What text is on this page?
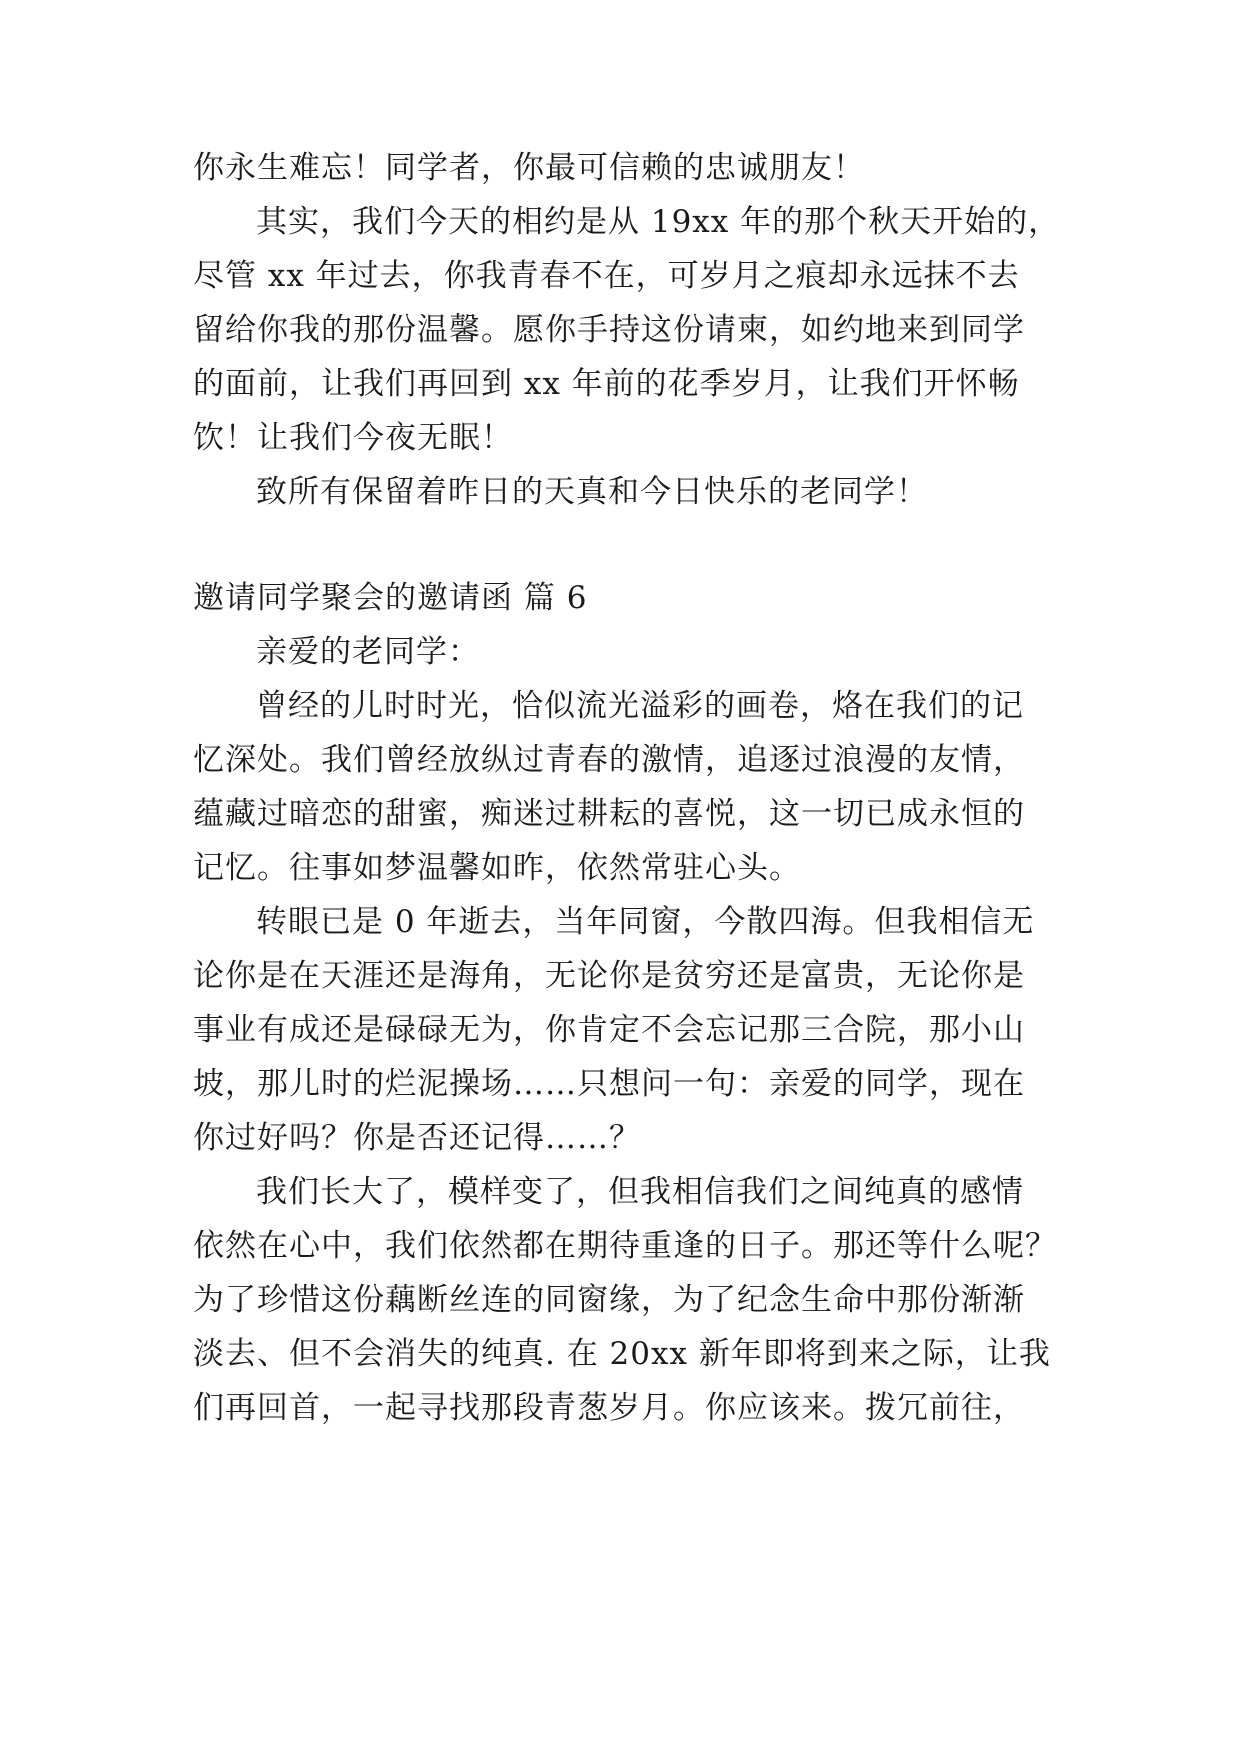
你永生难忘！同学者，你最可信赖的忠诚朋友！

其实，我们今天的相约是从 19xx 年的那个秋天开始的，

尽管 xx 年过去，你我青春不在，可岁月之痕却永远抹不去

留给你我的那份温馨。愿你手持这份请柬，如约地来到同学

的面前，让我们再回到 xx 年前的花季岁月，让我们开怀畅

饮！让我们今夜无眠！

致所有保留着昨日的天真和今日快乐的老同学！

邀请同学聚会的邀请函 篇 6

亲爱的老同学：

曾经的儿时时光，恰似流光溢彩的画卷，烙在我们的记

忆深处。我们曾经放纵过青春的激情，追逐过浪漫的友情，

蕴藏过暗恋的甜蜜，痴迷过耕耘的喜悦，这一切已成永恒的

记忆。往事如梦温馨如昨，依然常驻心头。

转眼已是 0 年逝去，当年同窗，今散四海。但我相信无

论你是在天涯还是海角，无论你是贫穷还是富贵，无论你是

事业有成还是碌碌无为，你肯定不会忘记那三合院，那小山

坡，那儿时的烂泥操场……只想问一句：亲爱的同学，现在

你过好吗？你是否还记得……？

我们长大了，模样变了，但我相信我们之间纯真的感情

依然在心中，我们依然都在期待重逢的日子。那还等什么呢？

为了珍惜这份藕断丝连的同窗缘，为了纪念生命中那份渐渐

淡去、但不会消失的纯真. 在 20xx 新年即将到来之际，让我

们再回首，一起寻找那段青葱岁月。你应该来。拨冗前往，
